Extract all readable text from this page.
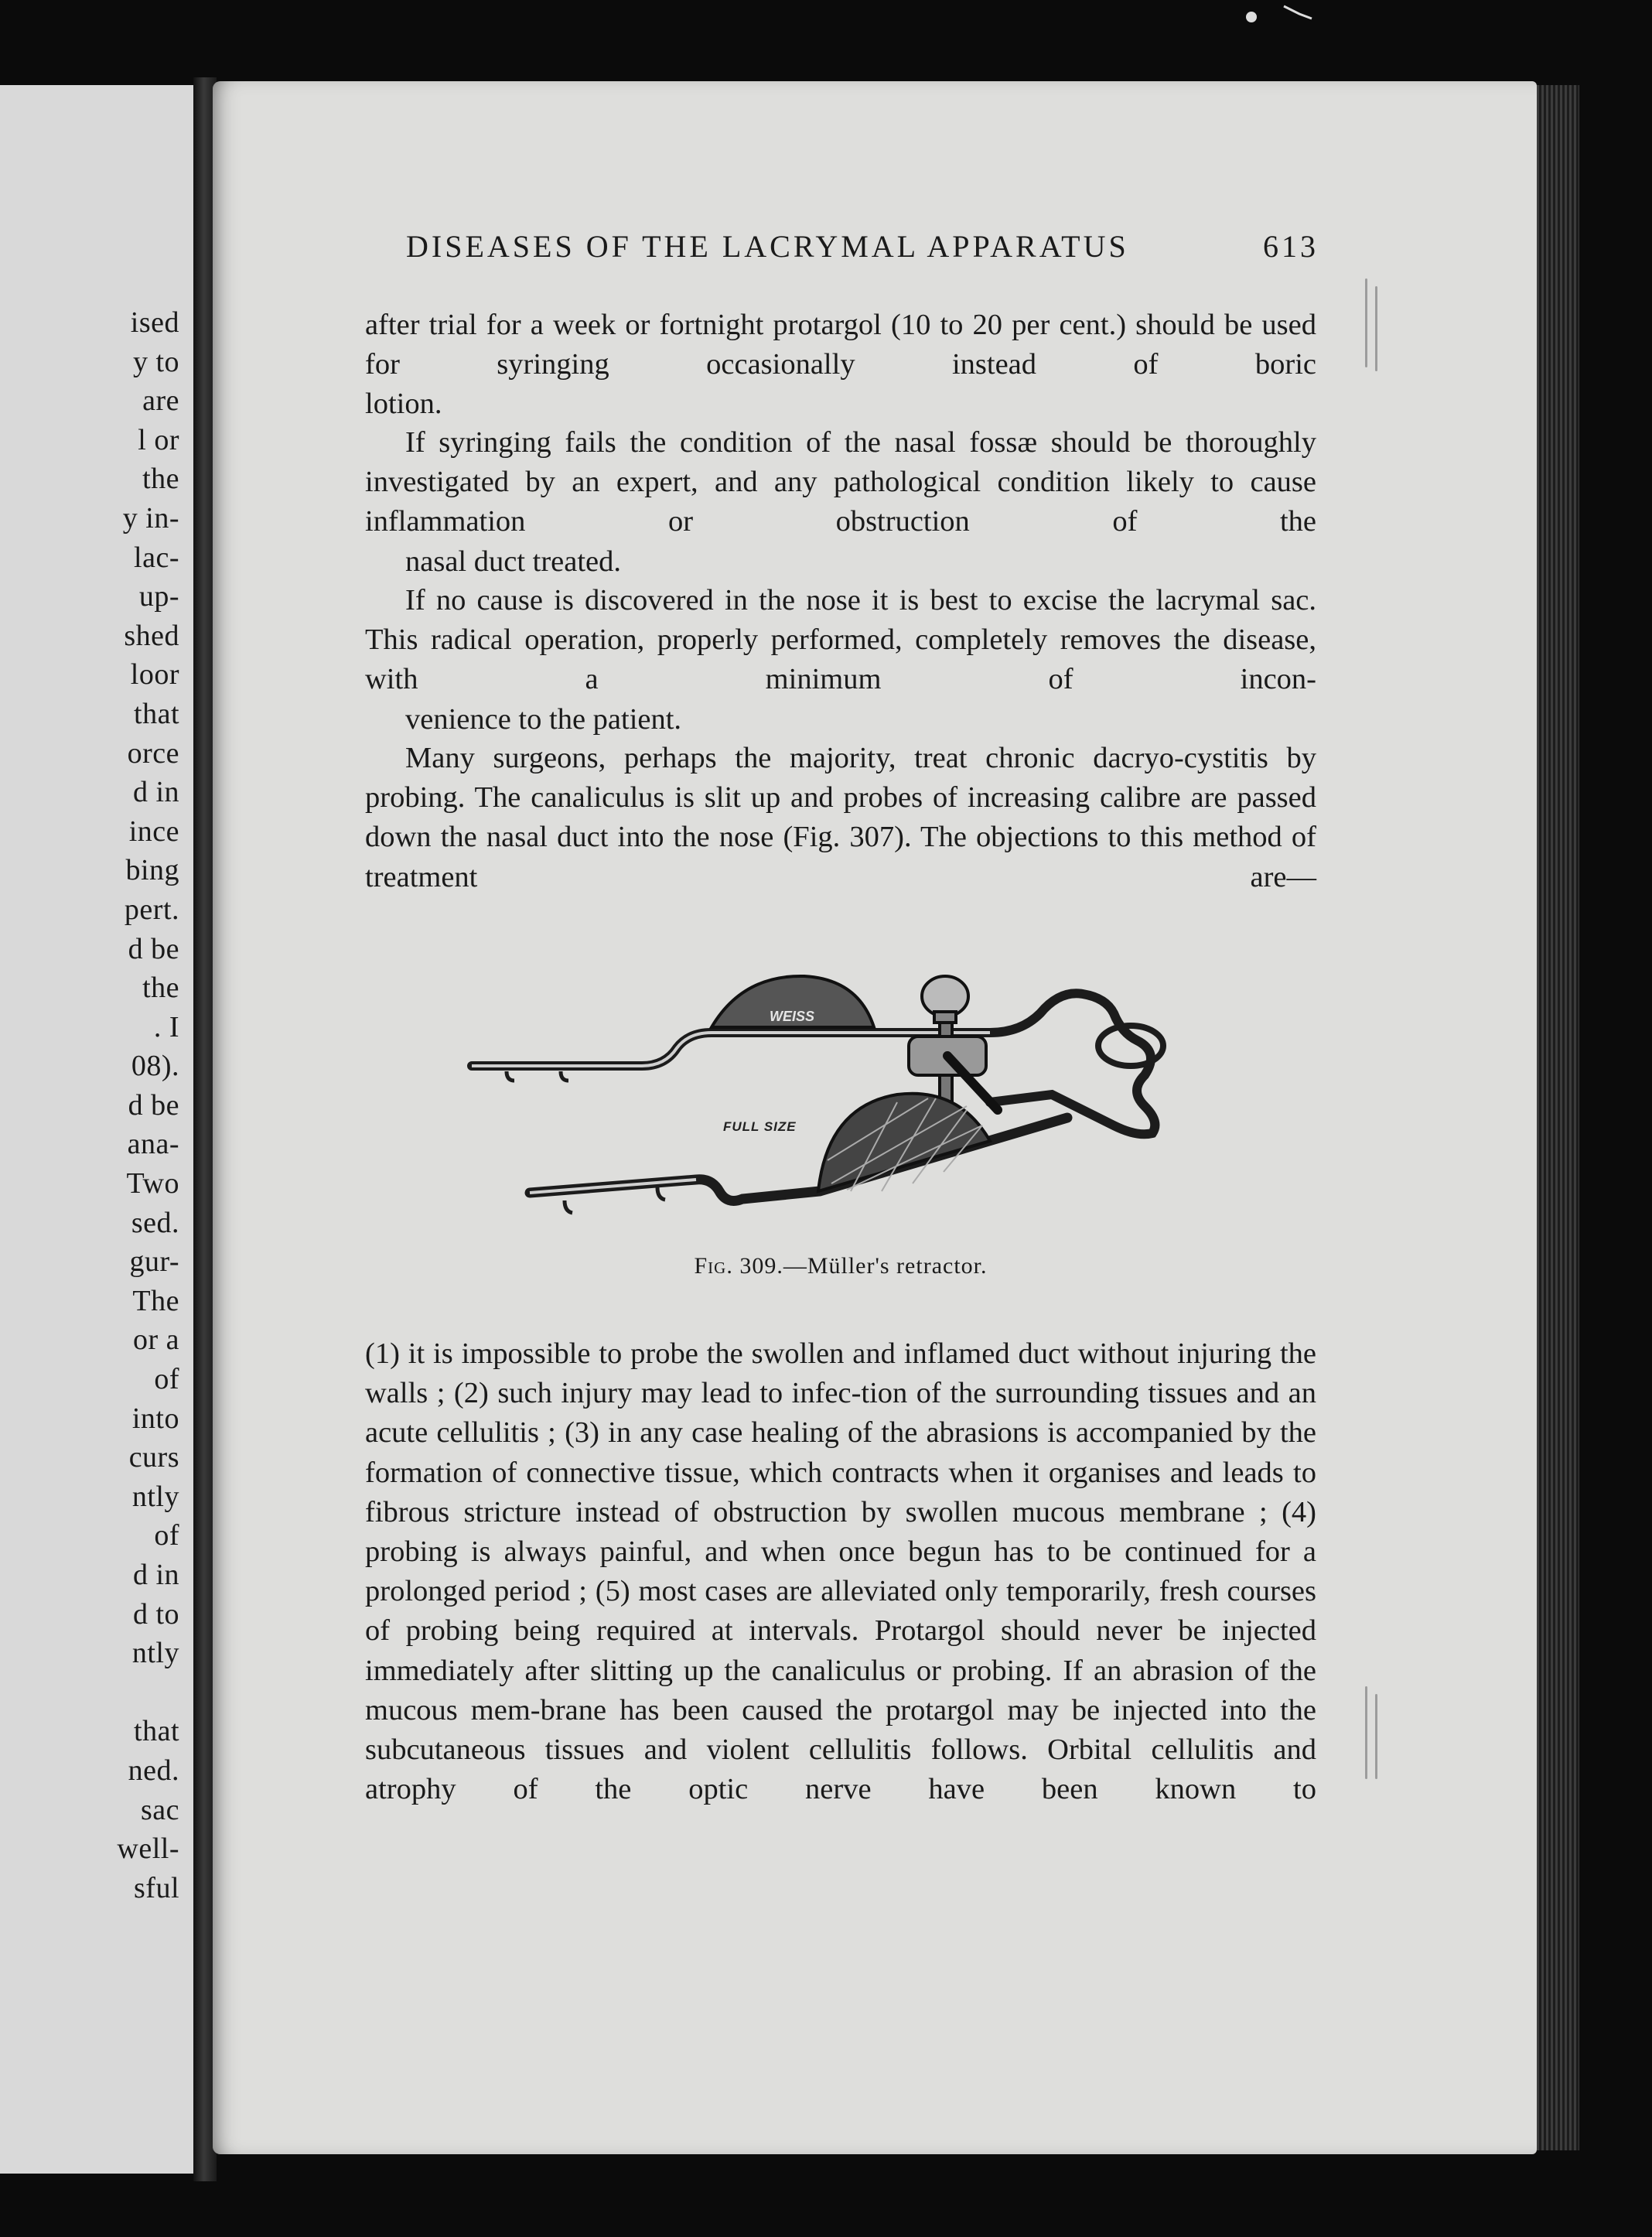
ised
y to
are
l or
the
y in-
lac-
up-
shed
loor
that
orce
d in
ince
bing
pert.
d be
the
. I
08).
d be
ana-
Two
sed.
gur-
The
or a
of
into
curs
ntly
of
d in
d to
ntly

that
ned.
sac
well-
sful
DISEASES OF THE LACRYMAL APPARATUS	613

after trial for a week or fortnight protargol (10 to 20 per cent.) should be used for syringing occasionally instead of boric
lotion.

If syringing fails the condition of the nasal fossæ should be thoroughly investigated by an expert, and any pathological condition likely to cause inflammation or obstruction of the
nasal duct treated.

If no cause is discovered in the nose it is best to excise the lacrymal sac. This radical operation, properly performed, completely removes the disease, with a minimum of incon-
venience to the patient.

Many surgeons, perhaps the majority, treat chronic dacryo-cystitis by probing. The canaliculus is slit up and probes of increasing calibre are passed down the nasal duct into the nose (Fig. 307). The objections to this method of treatment are—

WEISS
FULL SIZE
Fig. 309.—Müller's retractor.

(1) it is impossible to probe the swollen and inflamed duct without injuring the walls ; (2) such injury may lead to infec-tion of the surrounding tissues and an acute cellulitis ; (3) in any case healing of the abrasions is accompanied by the formation of connective tissue, which contracts when it organises and leads to fibrous stricture instead of obstruction by swollen mucous membrane ; (4) probing is always painful, and when once begun has to be continued for a prolonged period ; (5) most cases are alleviated only temporarily, fresh courses of probing being required at intervals. Protargol should never be injected immediately after slitting up the canaliculus or probing. If an abrasion of the mucous mem-brane has been caused the protargol may be injected into the subcutaneous tissues and violent cellulitis follows. Orbital cellulitis and atrophy of the optic nerve have been known to
